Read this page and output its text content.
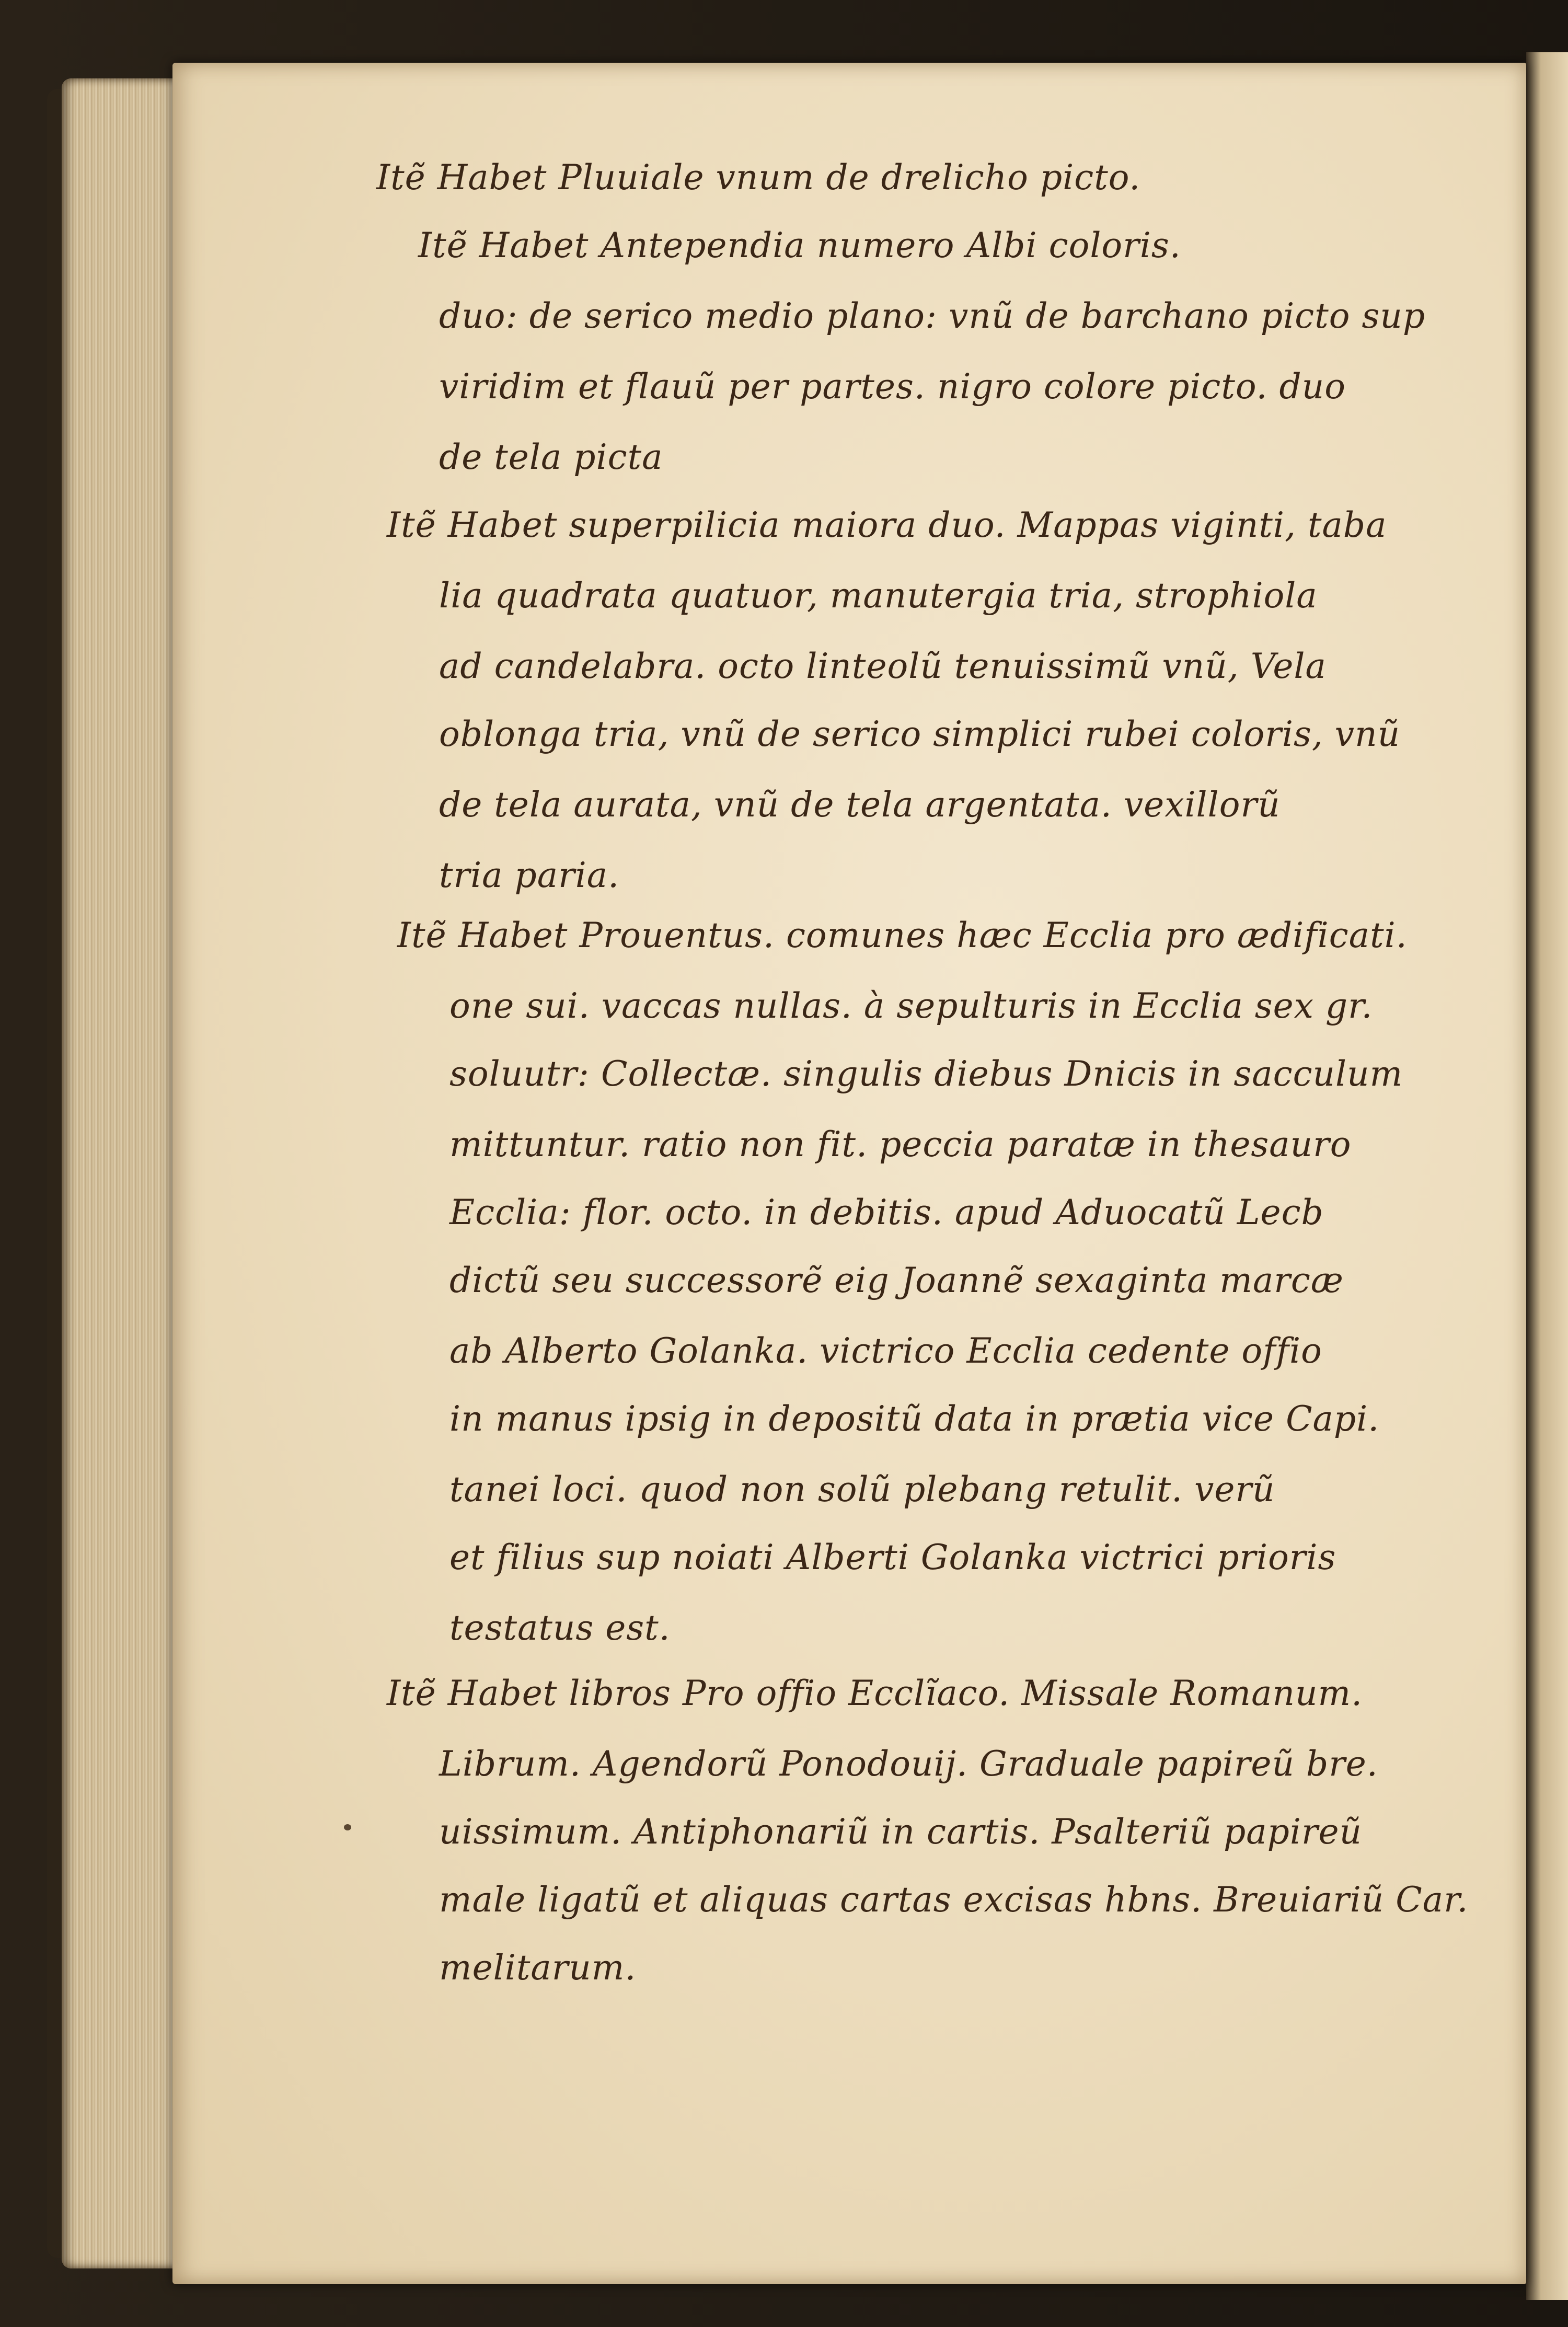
Itẽ Habet Pluuiale vnum de drelicho picto.
Itẽ Habet Antependia numero Albi coloris.
duo: de serico medio plano: vnũ de barchano picto sup
viridim et flauũ per partes. nigro colore picto. duo
de tela picta
Itẽ Habet superpilicia maiora duo. Mappas viginti, taba
lia quadrata quatuor, manutergia tria, strophiola
ad candelabra. octo linteolũ tenuissimũ vnũ, Vela
oblonga tria, vnũ de serico simplici rubei coloris, vnũ
de tela aurata, vnũ de tela argentata. vexillorũ
tria paria.
Itẽ Habet Prouentus. comunes hæc Ecclia pro ædificati.
one sui. vaccas nullas. à sepulturis in Ecclia sex gr.
soluutr: Collectæ. singulis diebus Dnicis in sacculum
mittuntur. ratio non fit. peccia paratæ in thesauro
Ecclia: flor. octo. in debitis. apud Aduocatũ Lecb
dictũ seu successorẽ eig Joannẽ sexaginta marcæ
ab Alberto Golanka. victrico Ecclia cedente offio
in manus ipsig in depositũ data in prætia vice Capi.
tanei loci. quod non solũ plebang retulit. verũ
et filius sup noiati Alberti Golanka victrici prioris
testatus est.
Itẽ Habet libros Pro offio Ecclĩaco. Missale Romanum.
Librum. Agendorũ Ponodouij. Graduale papireũ bre.
uissimum. Antiphonariũ in cartis. Psalteriũ papireũ
male ligatũ et aliquas cartas excisas hbns. Breuiariũ Car.
melitarum.
